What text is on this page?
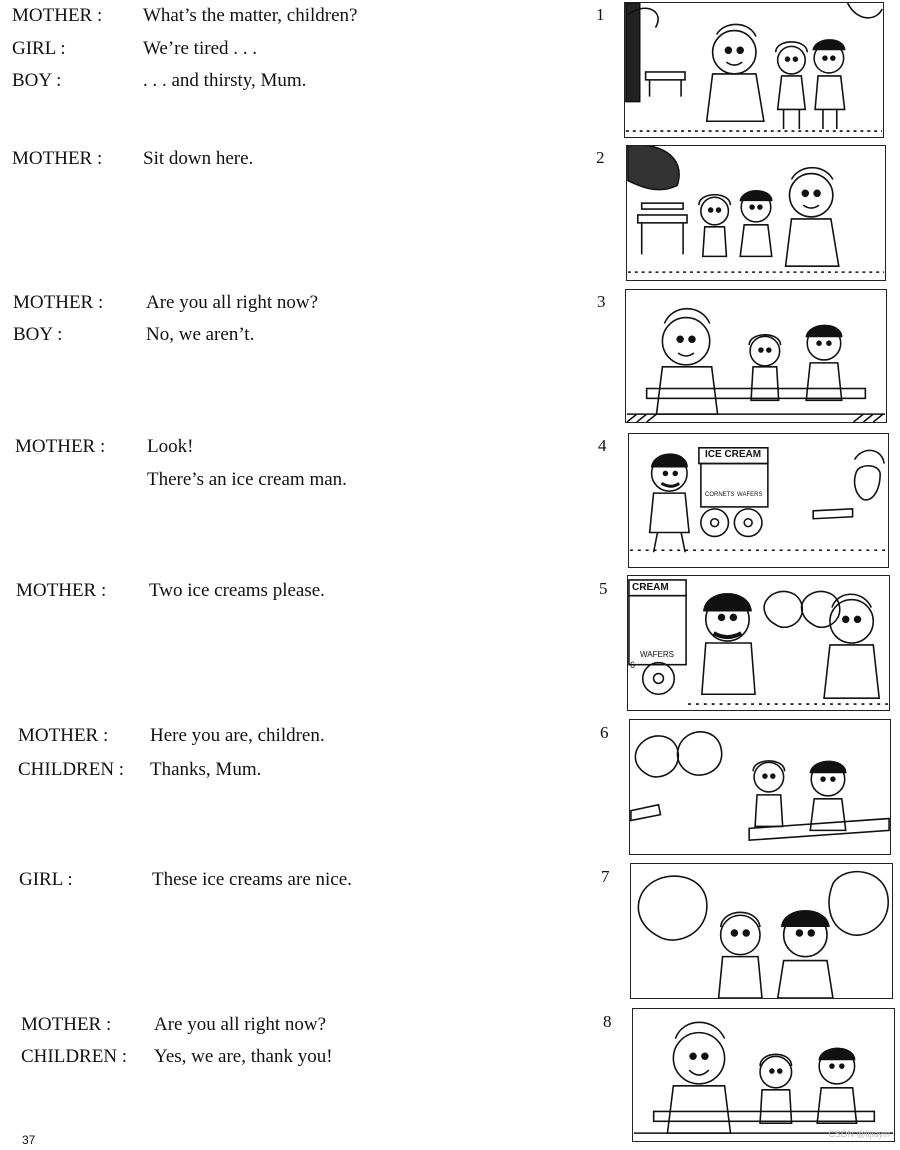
MOTHER : What’s the matter, children?
GIRL :	We’re tired . . .
BOY :	. . . and thirsty, Mum.
MOTHER : Sit down here.
MOTHER : Are you all right now?
BOY :	No, we aren’t.
MOTHER : Look!
There’s an ice cream man.
MOTHER : Two ice creams please.
MOTHER : Here you are, children.
CHILDREN : Thanks, Mum.
GIRL :	These ice creams are nice.
MOTHER : Are you all right now?
CHILDREN : Yes, we are, thank you!
1
2
3
4
5
6
7
8
ICE CREAM
CORNETS WAFERS
CREAM
WAFERS
6
CSDN @lijiayin
37
